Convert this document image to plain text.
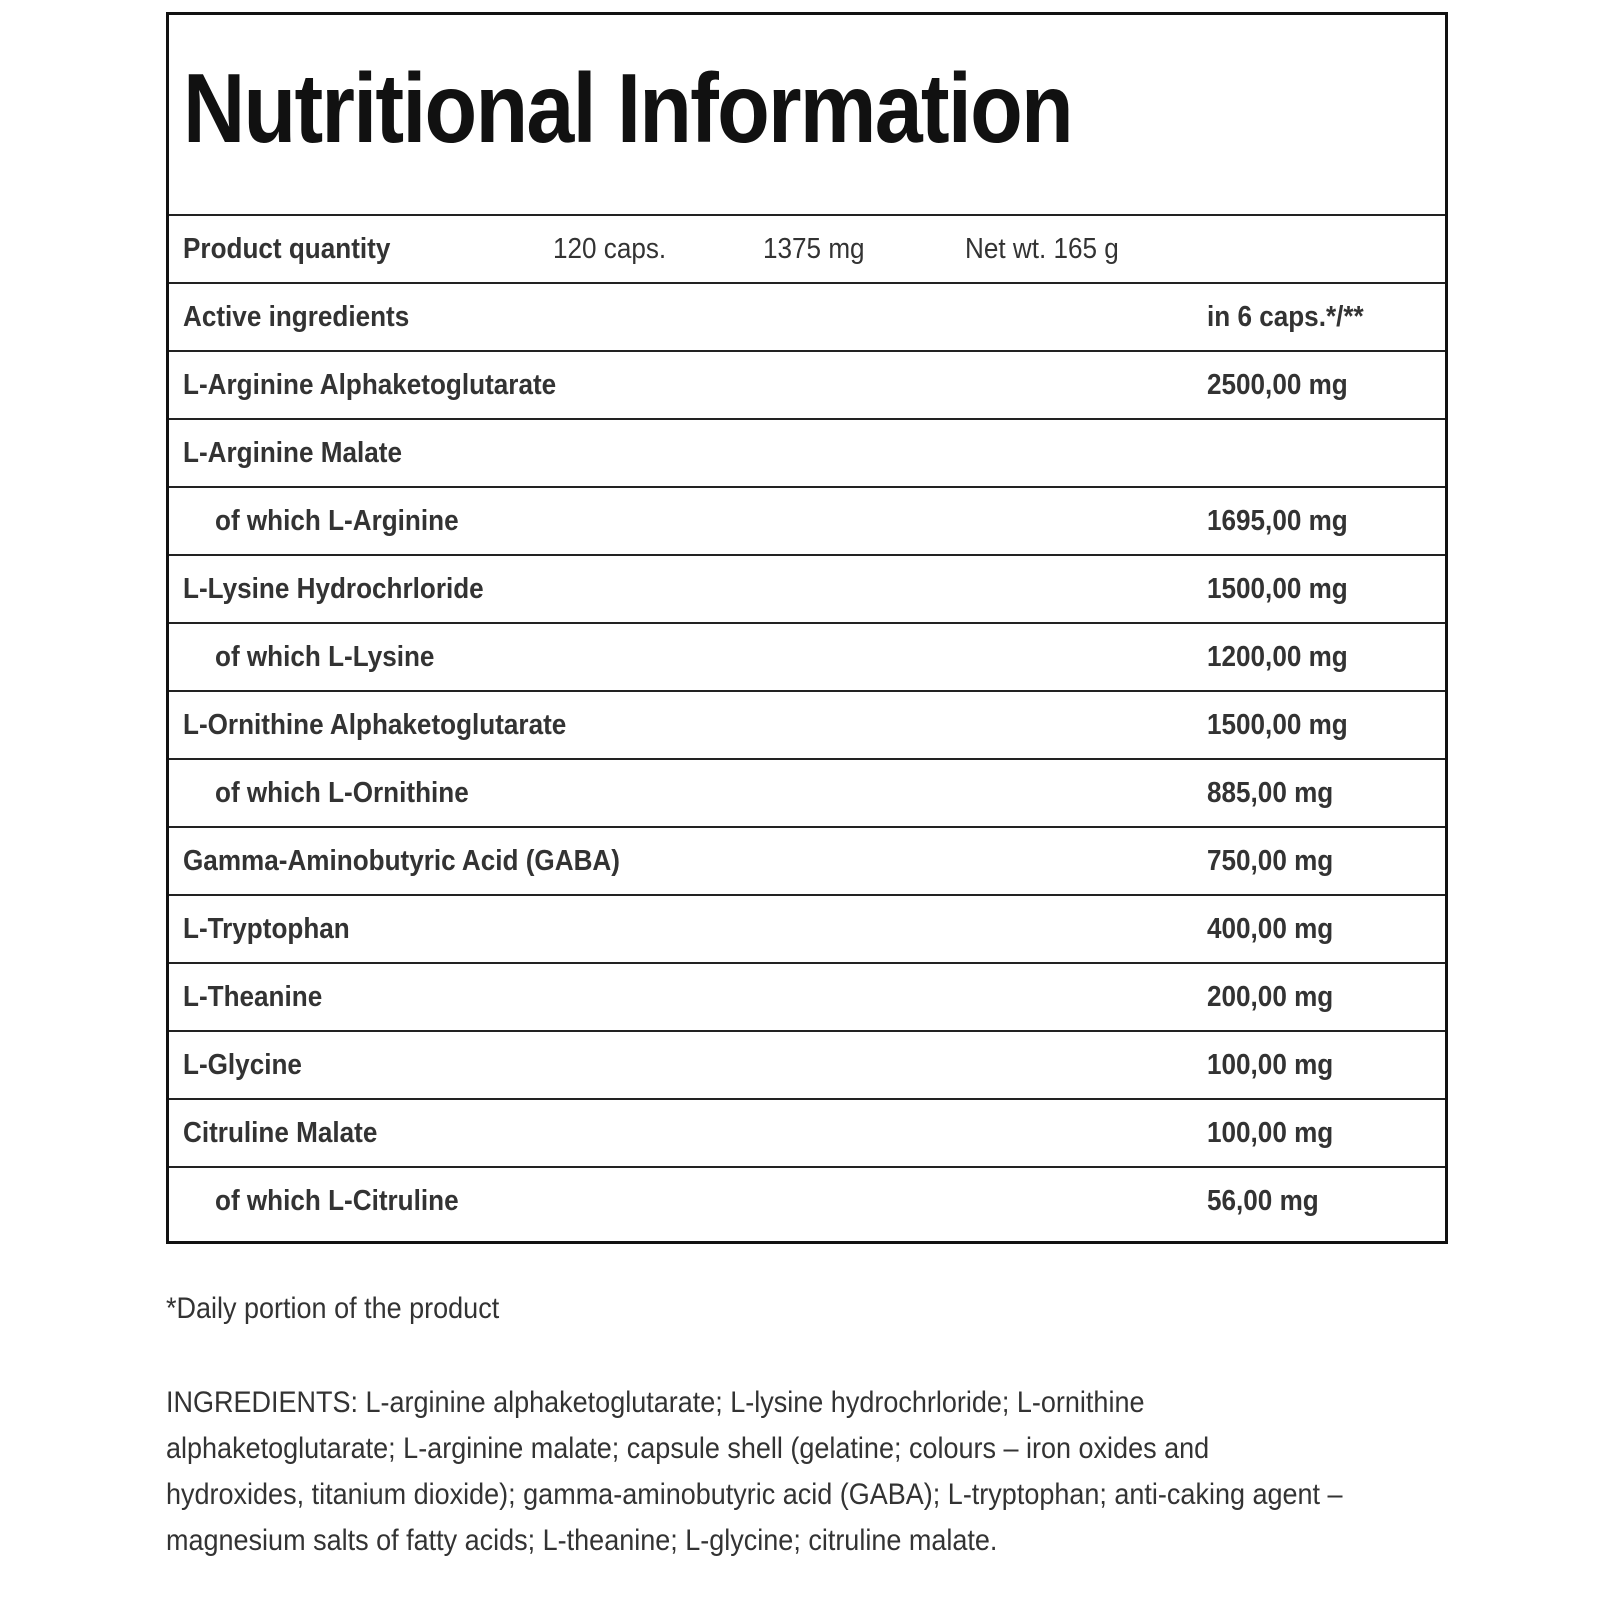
Nutritional Information
Product quantity	120 caps.	1375 mg	Net wt. 165 g
Active ingredients	in 6 caps.*/**
L-Arginine Alphaketoglutarate	2500,00 mg
L-Arginine Malate
of which L-Arginine	1695,00 mg
L-Lysine Hydrochrloride	1500,00 mg
of which L-Lysine	1200,00 mg
L-Ornithine Alphaketoglutarate	1500,00 mg
of which L-Ornithine	885,00 mg
Gamma-Aminobutyric Acid (GABA)	750,00 mg
L-Tryptophan	400,00 mg
L-Theanine	200,00 mg
L-Glycine	100,00 mg
Citruline Malate	100,00 mg
of which L-Citruline	56,00 mg

*Daily portion of the product

INGREDIENTS: L-arginine alphaketoglutarate; L-lysine hydrochrloride; L-ornithine alphaketoglutarate; L-arginine malate; capsule shell (gelatine; colours – iron oxides and hydroxides, titanium dioxide); gamma-aminobutyric acid (GABA); L-tryptophan; anti-caking agent – magnesium salts of fatty acids; L-theanine; L-glycine; citruline malate.
